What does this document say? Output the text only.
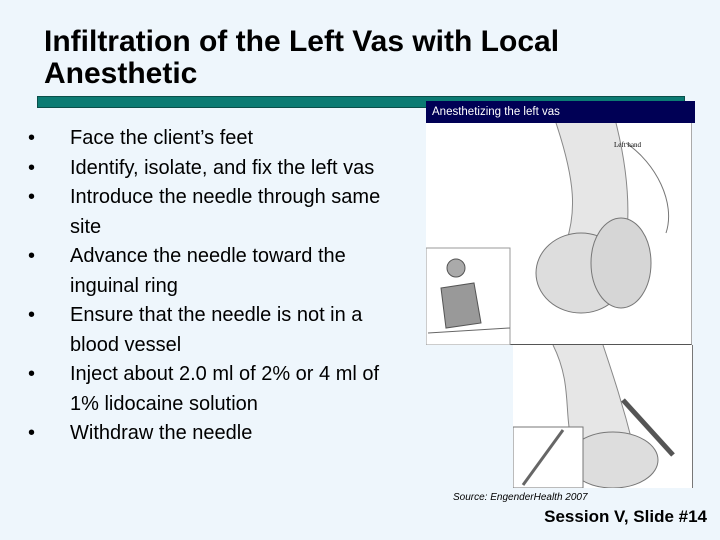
Infiltration of the Left Vas with Local Anesthetic
• Face the client’s feet
• Identify, isolate, and fix the left vas
• Introduce the needle through same site
• Advance the needle toward the inguinal ring
• Ensure that the needle is not in a blood vessel
• Inject about 2.0 ml of 2% or 4 ml of 1% lidocaine solution
• Withdraw the needle
Left hand
Anesthetizing the left vas
Source: EngenderHealth 2007
Session V, Slide #14
